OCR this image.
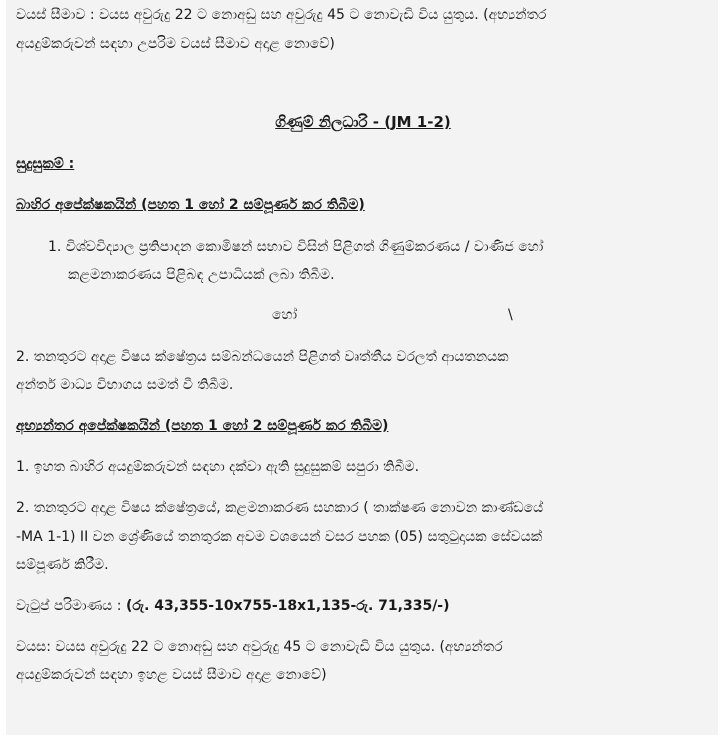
වයස් සීමාව : වයස අවුරුදු 22 ට නොඅඩු සහ අවුරුදු 45 ට නොවැඩි විය යුතුය. (අභ්‍යන්තර

අයදුම්කරුවන් සඳහා උපරිම වයස් සීමාව අදාළ නොවේ)

ගිණුම් නිලධාරි - (JM 1-2)

සුදුසුකම් :

බාහිර අපේක්ෂකයින් (පහත 1 හෝ 2 සම්පූර්ණ කර තිබීම)

1. විශ්වවිද්‍යාල ප්‍රතිපාදන කොමිෂන් සභාව විසින් පිළිගත් ගිණුම්කරණය / වාණිජ හෝ

කළමනාකරණය පිළිබඳ උපාධියක් ලබා තිබීම.

හෝ	\

2. තනතුරට අදාළ විෂය ක්ෂේත්‍රය සම්බන්ධයෙන් පිළිගත් වෘත්තීය වරලත් ආයතනයක

අන්තර් මාධ්‍ය විභාගය සමත් වී තිබීම.

අභ්‍යන්තර අපේක්ෂකයින් (පහත 1 හෝ 2 සම්පූර්ණ කර තිබීම)

1. ඉහත බාහිර අයදුම්කරුවන් සඳහා දක්වා ඇති සුදුසුකම් සපුරා තිබීම.

2. තනතුරට අදාළ විෂය ක්ෂේත්‍රයේ, කළමනාකරණ සහකාර ( තාක්ෂණ නොවන කාණ්ඩයේ

-MA 1-1) II වන ශ්‍රේණියේ තනතුරක අවම වශයෙන් වසර පහක (05) සතුටුදායක සේවයක්

සම්පූර්ණ කිරීම.

වැටුප් පරිමාණය : (රු. 43,355-10x755-18x1,135-රු. 71,335/-)

වයස: වයස අවුරුදු 22 ට නොඅඩු සහ අවුරුදු 45 ට නොවැඩි විය යුතුය. (අභ්‍යන්තර

අයදුම්කරුවන් සඳහා ඉහළ වයස් සීමාව අදාළ නොවේ)
